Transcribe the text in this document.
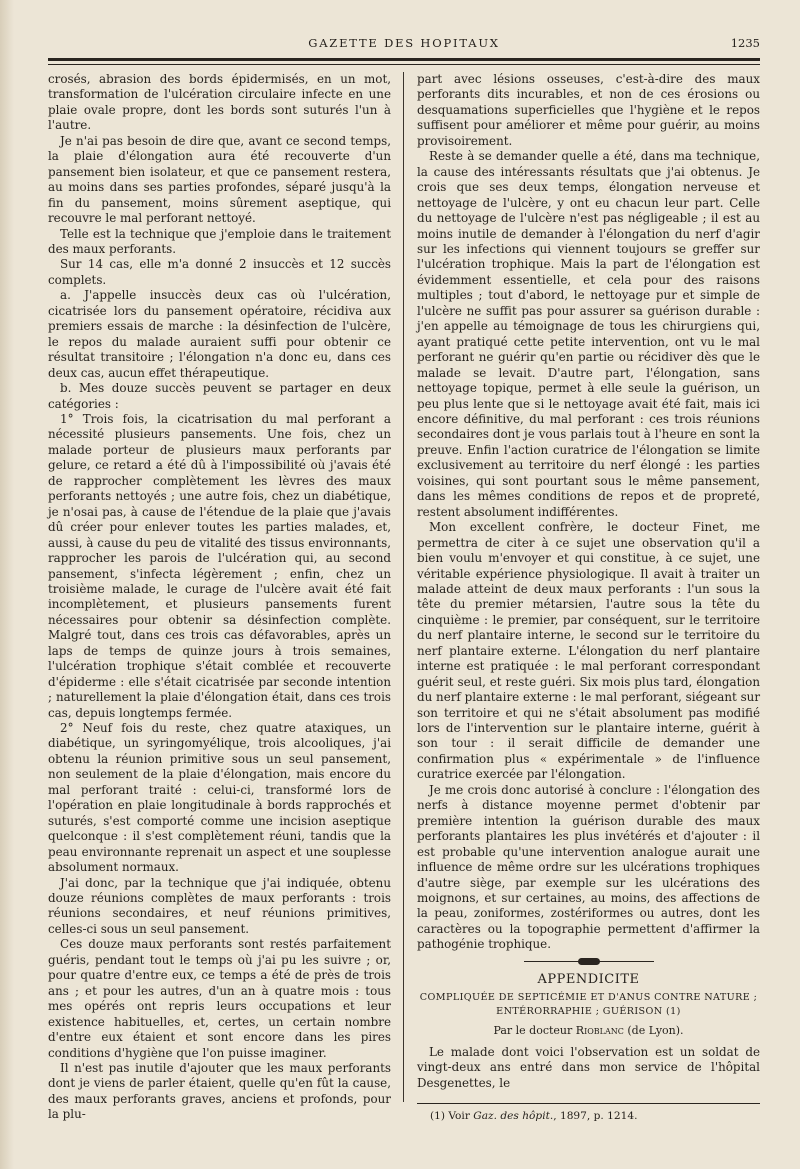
GAZETTE DES HOPITAUX	1235

crosés, abrasion des bords épidermisés, en un mot, transformation de l'ulcération circulaire infecte en une plaie ovale propre, dont les bords sont suturés l'un à l'autre.

Je n'ai pas besoin de dire que, avant ce second temps, la plaie d'élongation aura été recouverte d'un pansement bien isolateur, et que ce pansement restera, au moins dans ses parties profondes, séparé jusqu'à la fin du pansement, moins sûrement aseptique, qui recouvre le mal perforant nettoyé.

Telle est la technique que j'emploie dans le traitement des maux perforants.

Sur 14 cas, elle m'a donné 2 insuccès et 12 succès complets.

a. J'appelle insuccès deux cas où l'ulcération, cicatrisée lors du pansement opératoire, récidiva aux premiers essais de marche : la désinfection de l'ulcère, le repos du malade auraient suffi pour obtenir ce résultat transitoire ; l'élongation n'a donc eu, dans ces deux cas, aucun effet thérapeutique.

b. Mes douze succès peuvent se partager en deux catégories :

1° Trois fois, la cicatrisation du mal perforant a nécessité plusieurs pansements. Une fois, chez un malade porteur de plusieurs maux perforants par gelure, ce retard a été dû à l'impossibilité où j'avais été de rapprocher complètement les lèvres des maux perforants nettoyés ; une autre fois, chez un diabétique, je n'osai pas, à cause de l'étendue de la plaie que j'avais dû créer pour enlever toutes les parties malades, et, aussi, à cause du peu de vitalité des tissus environnants, rapprocher les parois de l'ulcération qui, au second pansement, s'infecta légèrement ; enfin, chez un troisième malade, le curage de l'ulcère avait été fait incomplètement, et plusieurs pansements furent nécessaires pour obtenir sa désinfection complète. Malgré tout, dans ces trois cas défavorables, après un laps de temps de quinze jours à trois semaines, l'ulcération trophique s'était comblée et recouverte d'épiderme : elle s'était cicatrisée par seconde intention ; naturellement la plaie d'élongation était, dans ces trois cas, depuis longtemps fermée.

2° Neuf fois du reste, chez quatre ataxiques, un diabétique, un syringomyélique, trois alcooliques, j'ai obtenu la réunion primitive sous un seul pansement, non seulement de la plaie d'élongation, mais encore du mal perforant traité : celui-ci, transformé lors de l'opération en plaie longitudinale à bords rapprochés et suturés, s'est comporté comme une incision aseptique quelconque : il s'est complètement réuni, tandis que la peau environnante reprenait un aspect et une souplesse absolument normaux.

J'ai donc, par la technique que j'ai indiquée, obtenu douze réunions complètes de maux perforants : trois réunions secondaires, et neuf réunions primitives, celles-ci sous un seul pansement.

Ces douze maux perforants sont restés parfaitement guéris, pendant tout le temps où j'ai pu les suivre ; or, pour quatre d'entre eux, ce temps a été de près de trois ans ; et pour les autres, d'un an à quatre mois : tous mes opérés ont repris leurs occupations et leur existence habituelles, et, certes, un certain nombre d'entre eux étaient et sont encore dans les pires conditions d'hygiène que l'on puisse imaginer.

Il n'est pas inutile d'ajouter que les maux perforants dont je viens de parler étaient, quelle qu'en fût la cause, des maux perforants graves, anciens et profonds, pour la plu-

part avec lésions osseuses, c'est-à-dire des maux perforants dits incurables, et non de ces érosions ou desquamations superficielles que l'hygiène et le repos suffisent pour améliorer et même pour guérir, au moins provisoirement.

Reste à se demander quelle a été, dans ma technique, la cause des intéressants résultats que j'ai obtenus. Je crois que ses deux temps, élongation nerveuse et nettoyage de l'ulcère, y ont eu chacun leur part. Celle du nettoyage de l'ulcère n'est pas négligeable ; il est au moins inutile de demander à l'élongation du nerf d'agir sur les infections qui viennent toujours se greffer sur l'ulcération trophique. Mais la part de l'élongation est évidemment essentielle, et cela pour des raisons multiples ; tout d'abord, le nettoyage pur et simple de l'ulcère ne suffit pas pour assurer sa guérison durable : j'en appelle au témoignage de tous les chirurgiens qui, ayant pratiqué cette petite intervention, ont vu le mal perforant ne guérir qu'en partie ou récidiver dès que le malade se levait. D'autre part, l'élongation, sans nettoyage topique, permet à elle seule la guérison, un peu plus lente que si le nettoyage avait été fait, mais ici encore définitive, du mal perforant : ces trois réunions secondaires dont je vous parlais tout à l'heure en sont la preuve. Enfin l'action curatrice de l'élongation se limite exclusivement au territoire du nerf élongé : les parties voisines, qui sont pourtant sous le même pansement, dans les mêmes conditions de repos et de propreté, restent absolument indifférentes.

Mon excellent confrère, le docteur Finet, me permettra de citer à ce sujet une observation qu'il a bien voulu m'envoyer et qui constitue, à ce sujet, une véritable expérience physiologique. Il avait à traiter un malade atteint de deux maux perforants : l'un sous la tête du premier métarsien, l'autre sous la tête du cinquième : le premier, par conséquent, sur le territoire du nerf plantaire interne, le second sur le territoire du nerf plantaire externe. L'élongation du nerf plantaire interne est pratiquée : le mal perforant correspondant guérit seul, et reste guéri. Six mois plus tard, élongation du nerf plantaire externe : le mal perforant, siégeant sur son territoire et qui ne s'était absolument pas modifié lors de l'intervention sur le plantaire interne, guérit à son tour : il serait difficile de demander une confirmation plus « expérimentale » de l'influence curatrice exercée par l'élongation.

Je me crois donc autorisé à conclure : l'élongation des nerfs à distance moyenne permet d'obtenir par première intention la guérison durable des maux perforants plantaires les plus invétérés et d'ajouter : il est probable qu'une intervention analogue aurait une influence de même ordre sur les ulcérations trophiques d'autre siège, par exemple sur les ulcérations des moignons, et sur certaines, au moins, des affections de la peau, zoniformes, zostériformes ou autres, dont les caractères ou la topographie permettent d'affirmer la pathogénie trophique.

APPENDICITE
COMPLIQUÉE DE SEPTICÉMIE ET D'ANUS CONTRE NATURE ; ENTÉRORRAPHIE ; GUÉRISON (1)
Par le docteur Rioblanc (de Lyon).

Le malade dont voici l'observation est un soldat de vingt-deux ans entré dans mon service de l'hôpital Desgenettes, le

(1) Voir Gaz. des hôpit., 1897, p. 1214.
